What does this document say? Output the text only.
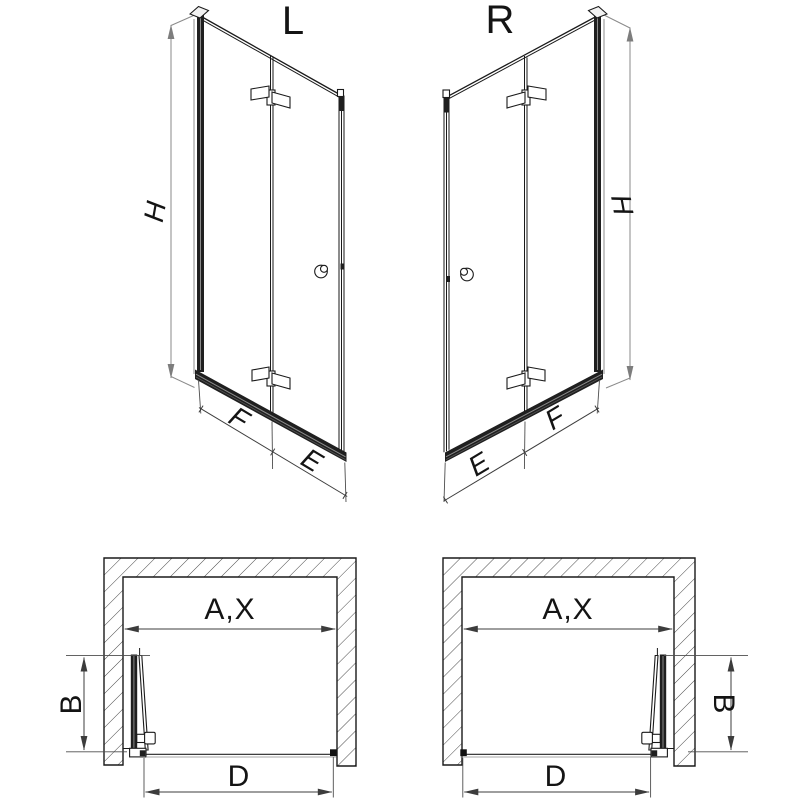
L
H
F
E
R
H
F
E
A,X
B
D
A,X
B
D
